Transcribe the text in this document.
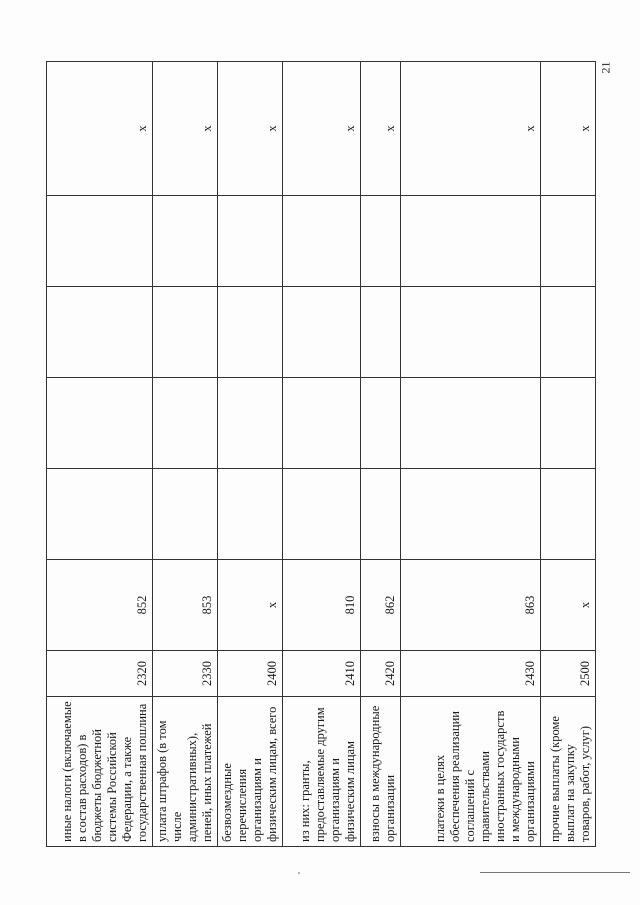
21
иные налоги (включаемые в состав расходов) в бюджеты бюджетной системы Российской Федерации, а также государственная пошлина	2320	852					x
уплата штрафов (в том числе административных), пеней, иных платежей	2330	853					x
безвозмездные перечисления организациям и физическим лицам, всего	2400	x					x
из них: гранты, предоставляемые другим организациям и физическим лицам	2410	810					x
взносы в международные организации	2420	862					x
платежи в целях обеспечения реализации соглашений с правительствами иностранных государств и международными организациями	2430	863					x
прочие выплаты (кроме выплат на закупку товаров, работ, услуг)	2500	x					x
